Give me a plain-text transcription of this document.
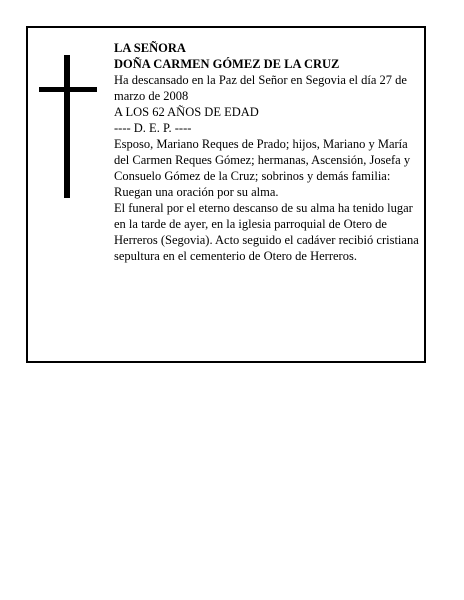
LA SEÑORA

DOÑA CARMEN GÓMEZ DE LA CRUZ

Ha descansado en la Paz del Señor en Segovia el día 27 de marzo de 2008

A LOS 62 AÑOS DE EDAD

---- D. E. P. ----

Esposo, Mariano Reques de Prado; hijos, Mariano y María del Carmen Reques Gómez; hermanas, Ascensión, Josefa y Consuelo Gómez de la Cruz; sobrinos y demás familia:

Ruegan una oración por su alma.

El funeral por el eterno descanso de su alma ha tenido lugar en la tarde de ayer, en la iglesia parroquial de Otero de Herreros (Segovia). Acto seguido el cadáver recibió cristiana sepultura en el cementerio de Otero de Herreros.
